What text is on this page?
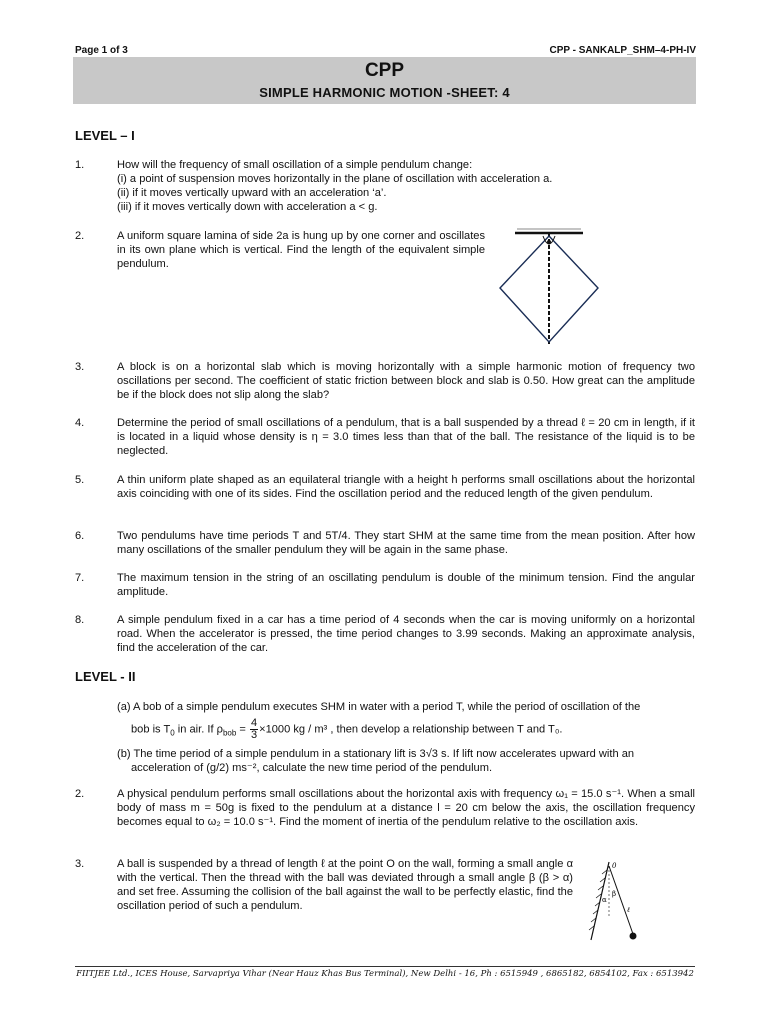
Page 1 of 3	CPP - SANKALP_SHM–4-PH-IV
CPP
SIMPLE HARMONIC MOTION -SHEET: 4
LEVEL – I
1.	How will the frequency of small oscillation of a simple pendulum change:
(i) a point of suspension moves horizontally in the plane of oscillation with acceleration a.
(ii) if it moves vertically upward with an acceleration ‘a’.
(iii) if it moves vertically down with acceleration a < g.
2.	A uniform square lamina of side 2a is hung up by one corner and oscillates in its own plane which is vertical. Find the length of the equivalent simple pendulum.
3.	A block is on a horizontal slab which is moving horizontally with a simple harmonic motion of frequency two oscillations per second. The coefficient of static friction between block and slab is 0.50. How great can the amplitude be if the block does not slip along the slab?
4.	Determine the period of small oscillations of a pendulum, that is a ball suspended by a thread ℓ = 20 cm in length, if it is located in a liquid whose density is η = 3.0 times less than that of the ball. The resistance of the liquid is to be neglected.
5.	A thin uniform plate shaped as an equilateral triangle with a height h performs small oscillations about the horizontal axis coinciding with one of its sides. Find the oscillation period and the reduced length of the given pendulum.
6.	Two pendulums have time periods T and 5T/4. They start SHM at the same time from the mean position. After how many oscillations of the smaller pendulum they will be again in the same phase.
7.	The maximum tension in the string of an oscillating pendulum is double of the minimum tension. Find the angular amplitude.
8.	A simple pendulum fixed in a car has a time period of 4 seconds when the car is moving uniformly on a horizontal road. When the accelerator is pressed, the time period changes to 3.99 seconds. Making an approximate analysis, find the acceleration of the car.
LEVEL - II
(a) A bob of a simple pendulum executes SHM in water with a period T, while the period of oscillation of the
bob is $T_0$ in air. If $\rho_{bob} = \frac{4}{3} \times 1000$ kg / m³ , then develop a relationship between T and T₀.
(b) The time period of a simple pendulum in a stationary lift is 3√3 s. If lift now accelerates upward with an
acceleration of (g/2) ms⁻², calculate the new time period of the pendulum.
2.	A physical pendulum performs small oscillations about the horizontal axis with frequency ω₁ = 15.0 s⁻¹. When a small body of mass m = 50g is fixed to the pendulum at a distance l = 20 cm below the axis, the oscillation frequency becomes equal to ω₂ = 10.0 s⁻¹. Find the moment of inertia of the pendulum relative to the oscillation axis.
3.	A ball is suspended by a thread of length ℓ at the point O on the wall, forming a small angle α with the vertical. Then the thread with the ball was deviated through a small angle β (β > α) and set free. Assuming the collision of the ball against the wall to be perfectly elastic, find the oscillation period of such a pendulum.
0
α
β
ℓ
FIITJEE Ltd., ICES House, Sarvapriya Vihar (Near Hauz Khas Bus Terminal), New Delhi - 16, Ph : 6515949 , 6865182, 6854102, Fax : 6513942
